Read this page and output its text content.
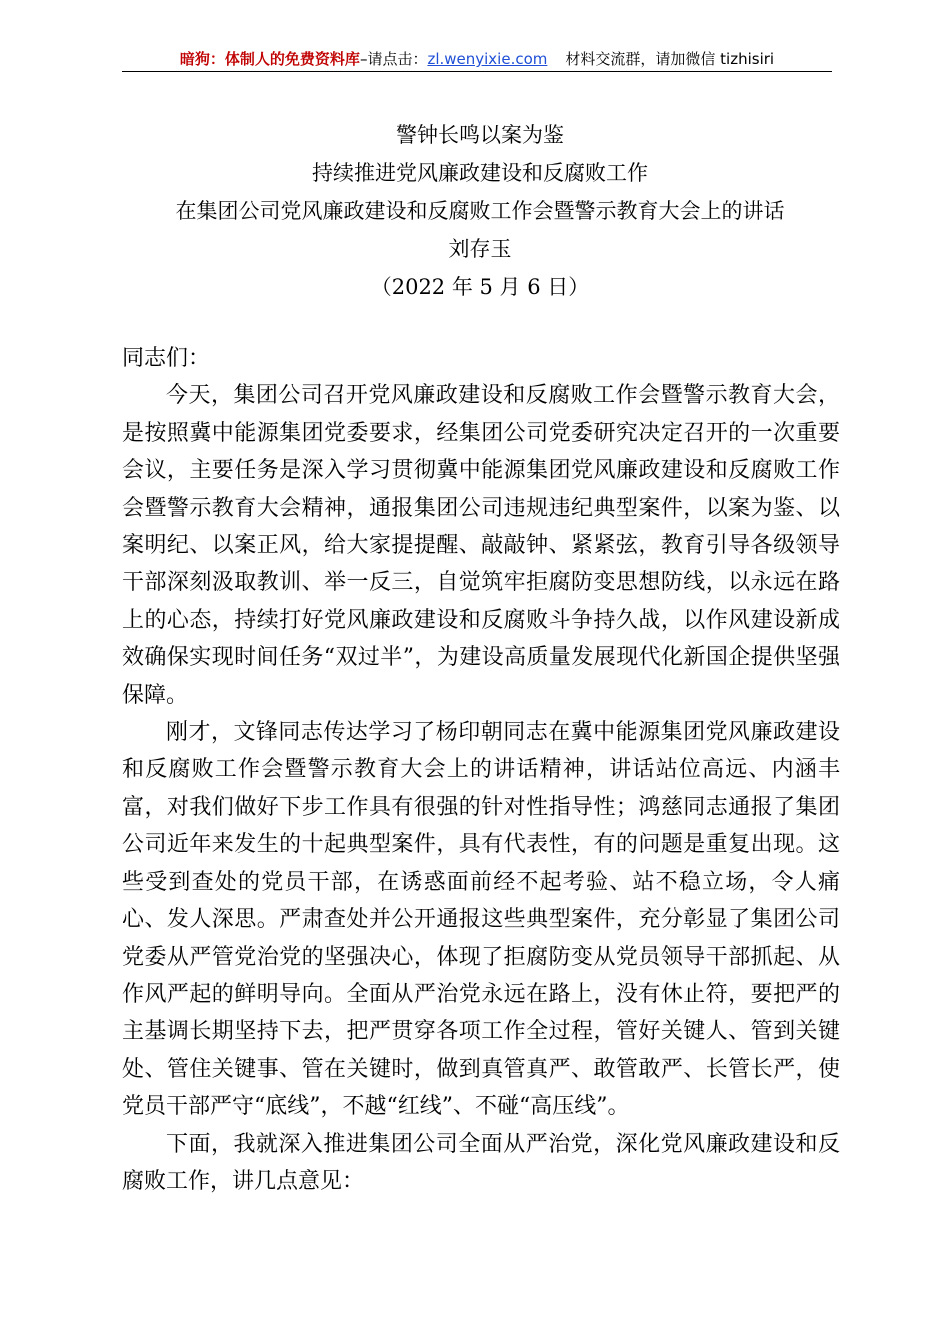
暗狗：体制人的免费资料库–请点击：zl.wenyixie.com 材料交流群，请加微信 tizhisiri
警钟长鸣以案为鉴
持续推进党风廉政建设和反腐败工作
在集团公司党风廉政建设和反腐败工作会暨警示教育大会上的讲话
刘存玉
（2022 年 5 月 6 日）

同志们：

今天，集团公司召开党风廉政建设和反腐败工作会暨警示教育大会，是按照冀中能源集团党委要求，经集团公司党委研究决定召开的一次重要会议，主要任务是深入学习贯彻冀中能源集团党风廉政建设和反腐败工作会暨警示教育大会精神，通报集团公司违规违纪典型案件，以案为鉴、以案明纪、以案正风，给大家提提醒、敲敲钟、紧紧弦，教育引导各级领导干部深刻汲取教训、举一反三，自觉筑牢拒腐防变思想防线，以永远在路上的心态，持续打好党风廉政建设和反腐败斗争持久战，以作风建设新成效确保实现时间任务“双过半”，为建设高质量发展现代化新国企提供坚强保障。

刚才，文锋同志传达学习了杨印朝同志在冀中能源集团党风廉政建设和反腐败工作会暨警示教育大会上的讲话精神，讲话站位高远、内涵丰富，对我们做好下步工作具有很强的针对性指导性；鸿慈同志通报了集团公司近年来发生的十起典型案件，具有代表性，有的问题是重复出现。这些受到查处的党员干部，在诱惑面前经不起考验、站不稳立场，令人痛心、发人深思。严肃查处并公开通报这些典型案件，充分彰显了集团公司党委从严管党治党的坚强决心，体现了拒腐防变从党员领导干部抓起、从作风严起的鲜明导向。全面从严治党永远在路上，没有休止符，要把严的主基调长期坚持下去，把严贯穿各项工作全过程，管好关键人、管到关键处、管住关键事、管在关键时，做到真管真严、敢管敢严、长管长严，使党员干部严守“底线”，不越“红线”、不碰“高压线”。

下面，我就深入推进集团公司全面从严治党，深化党风廉政建设和反腐败工作，讲几点意见：
